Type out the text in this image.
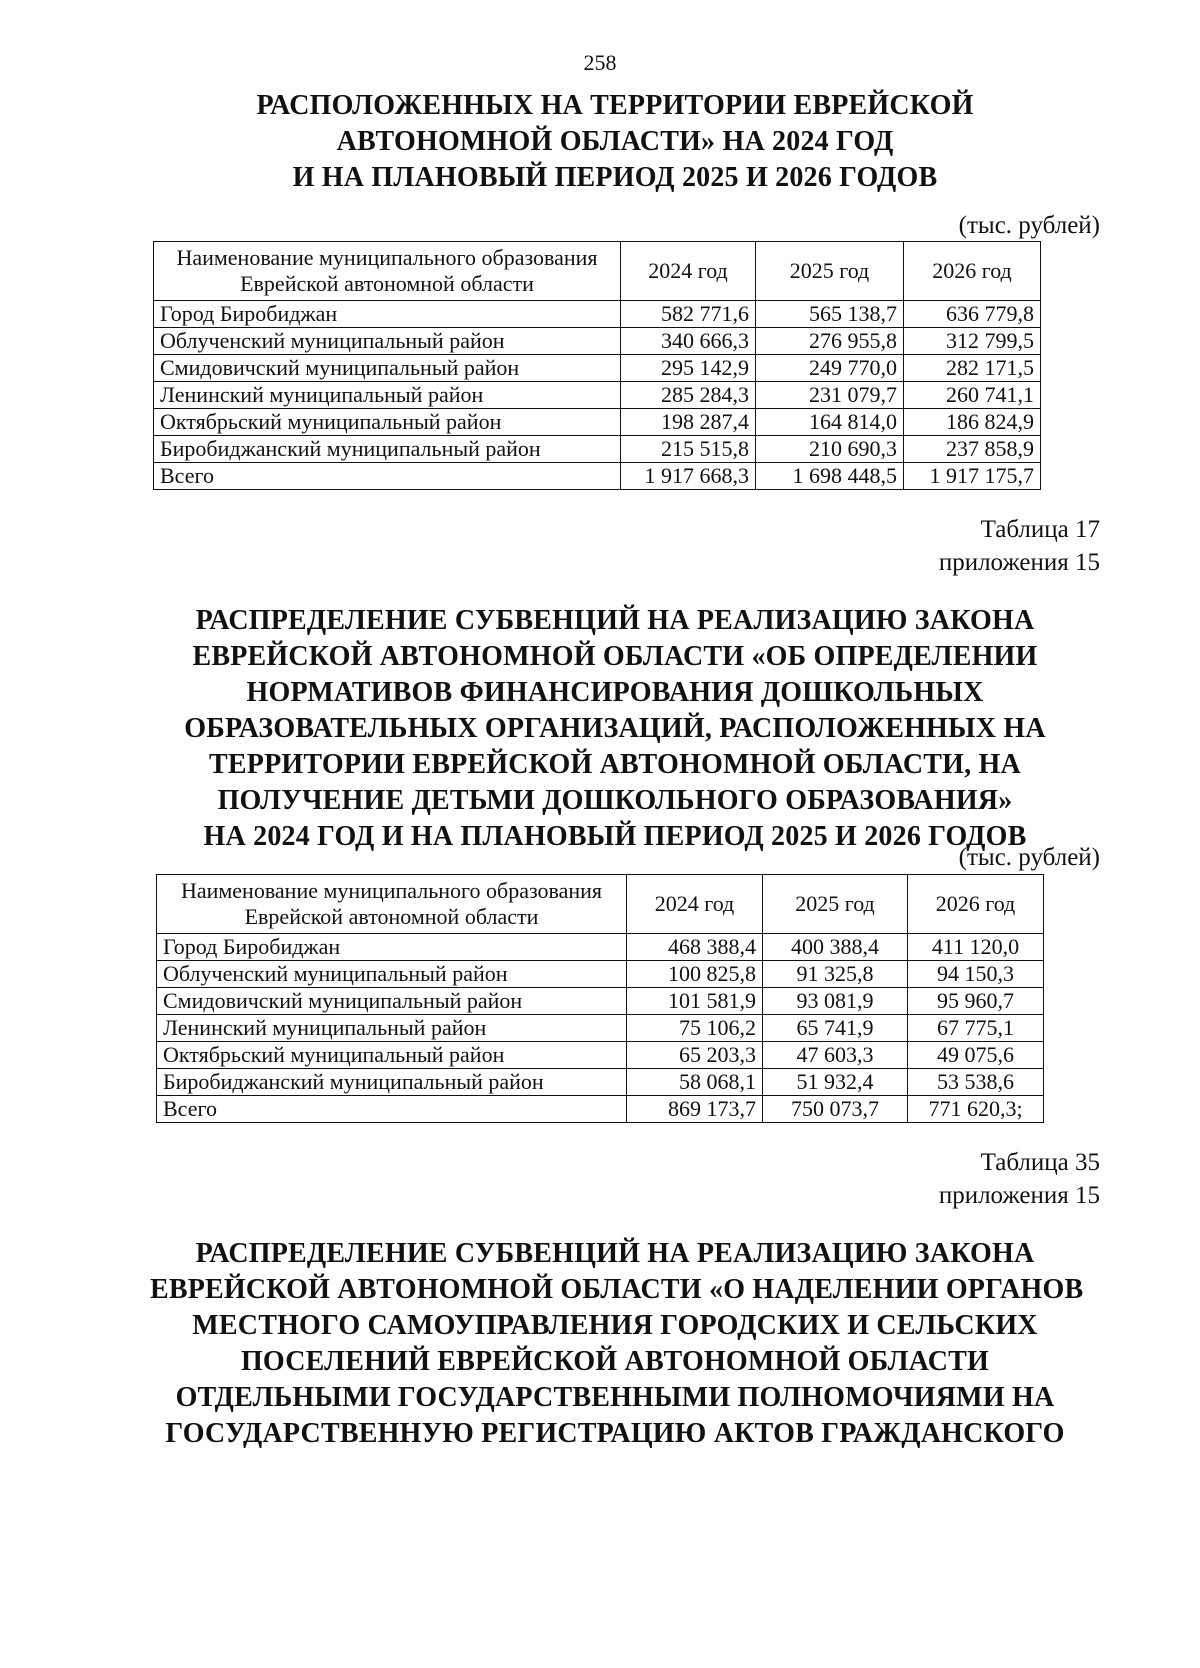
258
РАСПОЛОЖЕННЫХ НА ТЕРРИТОРИИ ЕВРЕЙСКОЙ
АВТОНОМНОЙ ОБЛАСТИ» НА 2024 ГОД
И НА ПЛАНОВЫЙ ПЕРИОД 2025 И 2026 ГОДОВ
(тыс. рублей)
Наименование муниципального образования Еврейской автономной области	2024 год	2025 год	2026 год
Город Биробиджан	582 771,6	565 138,7	636 779,8
Облученский муниципальный район	340 666,3	276 955,8	312 799,5
Смидовичский муниципальный район	295 142,9	249 770,0	282 171,5
Ленинский муниципальный район	285 284,3	231 079,7	260 741,1
Октябрьский муниципальный район	198 287,4	164 814,0	186 824,9
Биробиджанский муниципальный район	215 515,8	210 690,3	237 858,9
Всего	1 917 668,3	1 698 448,5	1 917 175,7
Таблица 17
приложения 15
РАСПРЕДЕЛЕНИЕ СУБВЕНЦИЙ НА РЕАЛИЗАЦИЮ ЗАКОНА
ЕВРЕЙСКОЙ АВТОНОМНОЙ ОБЛАСТИ «ОБ ОПРЕДЕЛЕНИИ
НОРМАТИВОВ ФИНАНСИРОВАНИЯ ДОШКОЛЬНЫХ
ОБРАЗОВАТЕЛЬНЫХ ОРГАНИЗАЦИЙ, РАСПОЛОЖЕННЫХ НА
ТЕРРИТОРИИ ЕВРЕЙСКОЙ АВТОНОМНОЙ ОБЛАСТИ, НА
ПОЛУЧЕНИЕ ДЕТЬМИ ДОШКОЛЬНОГО ОБРАЗОВАНИЯ»
НА 2024 ГОД И НА ПЛАНОВЫЙ ПЕРИОД 2025 И 2026 ГОДОВ
(тыс. рублей)
Наименование муниципального образования Еврейской автономной области	2024 год	2025 год	2026 год
Город Биробиджан	468 388,4	400 388,4	411 120,0
Облученский муниципальный район	100 825,8	91 325,8	94 150,3
Смидовичский муниципальный район	101 581,9	93 081,9	95 960,7
Ленинский муниципальный район	75 106,2	65 741,9	67 775,1
Октябрьский муниципальный район	65 203,3	47 603,3	49 075,6
Биробиджанский муниципальный район	58 068,1	51 932,4	53 538,6
Всего	869 173,7	750 073,7	771 620,3;
Таблица 35
приложения 15
РАСПРЕДЕЛЕНИЕ СУБВЕНЦИЙ НА РЕАЛИЗАЦИЮ ЗАКОНА
ЕВРЕЙСКОЙ АВТОНОМНОЙ ОБЛАСТИ «О НАДЕЛЕНИИ ОРГАНОВ
МЕСТНОГО САМОУПРАВЛЕНИЯ ГОРОДСКИХ И СЕЛЬСКИХ
ПОСЕЛЕНИЙ ЕВРЕЙСКОЙ АВТОНОМНОЙ ОБЛАСТИ
ОТДЕЛЬНЫМИ ГОСУДАРСТВЕННЫМИ ПОЛНОМОЧИЯМИ НА
ГОСУДАРСТВЕННУЮ РЕГИСТРАЦИЮ АКТОВ ГРАЖДАНСКОГО
